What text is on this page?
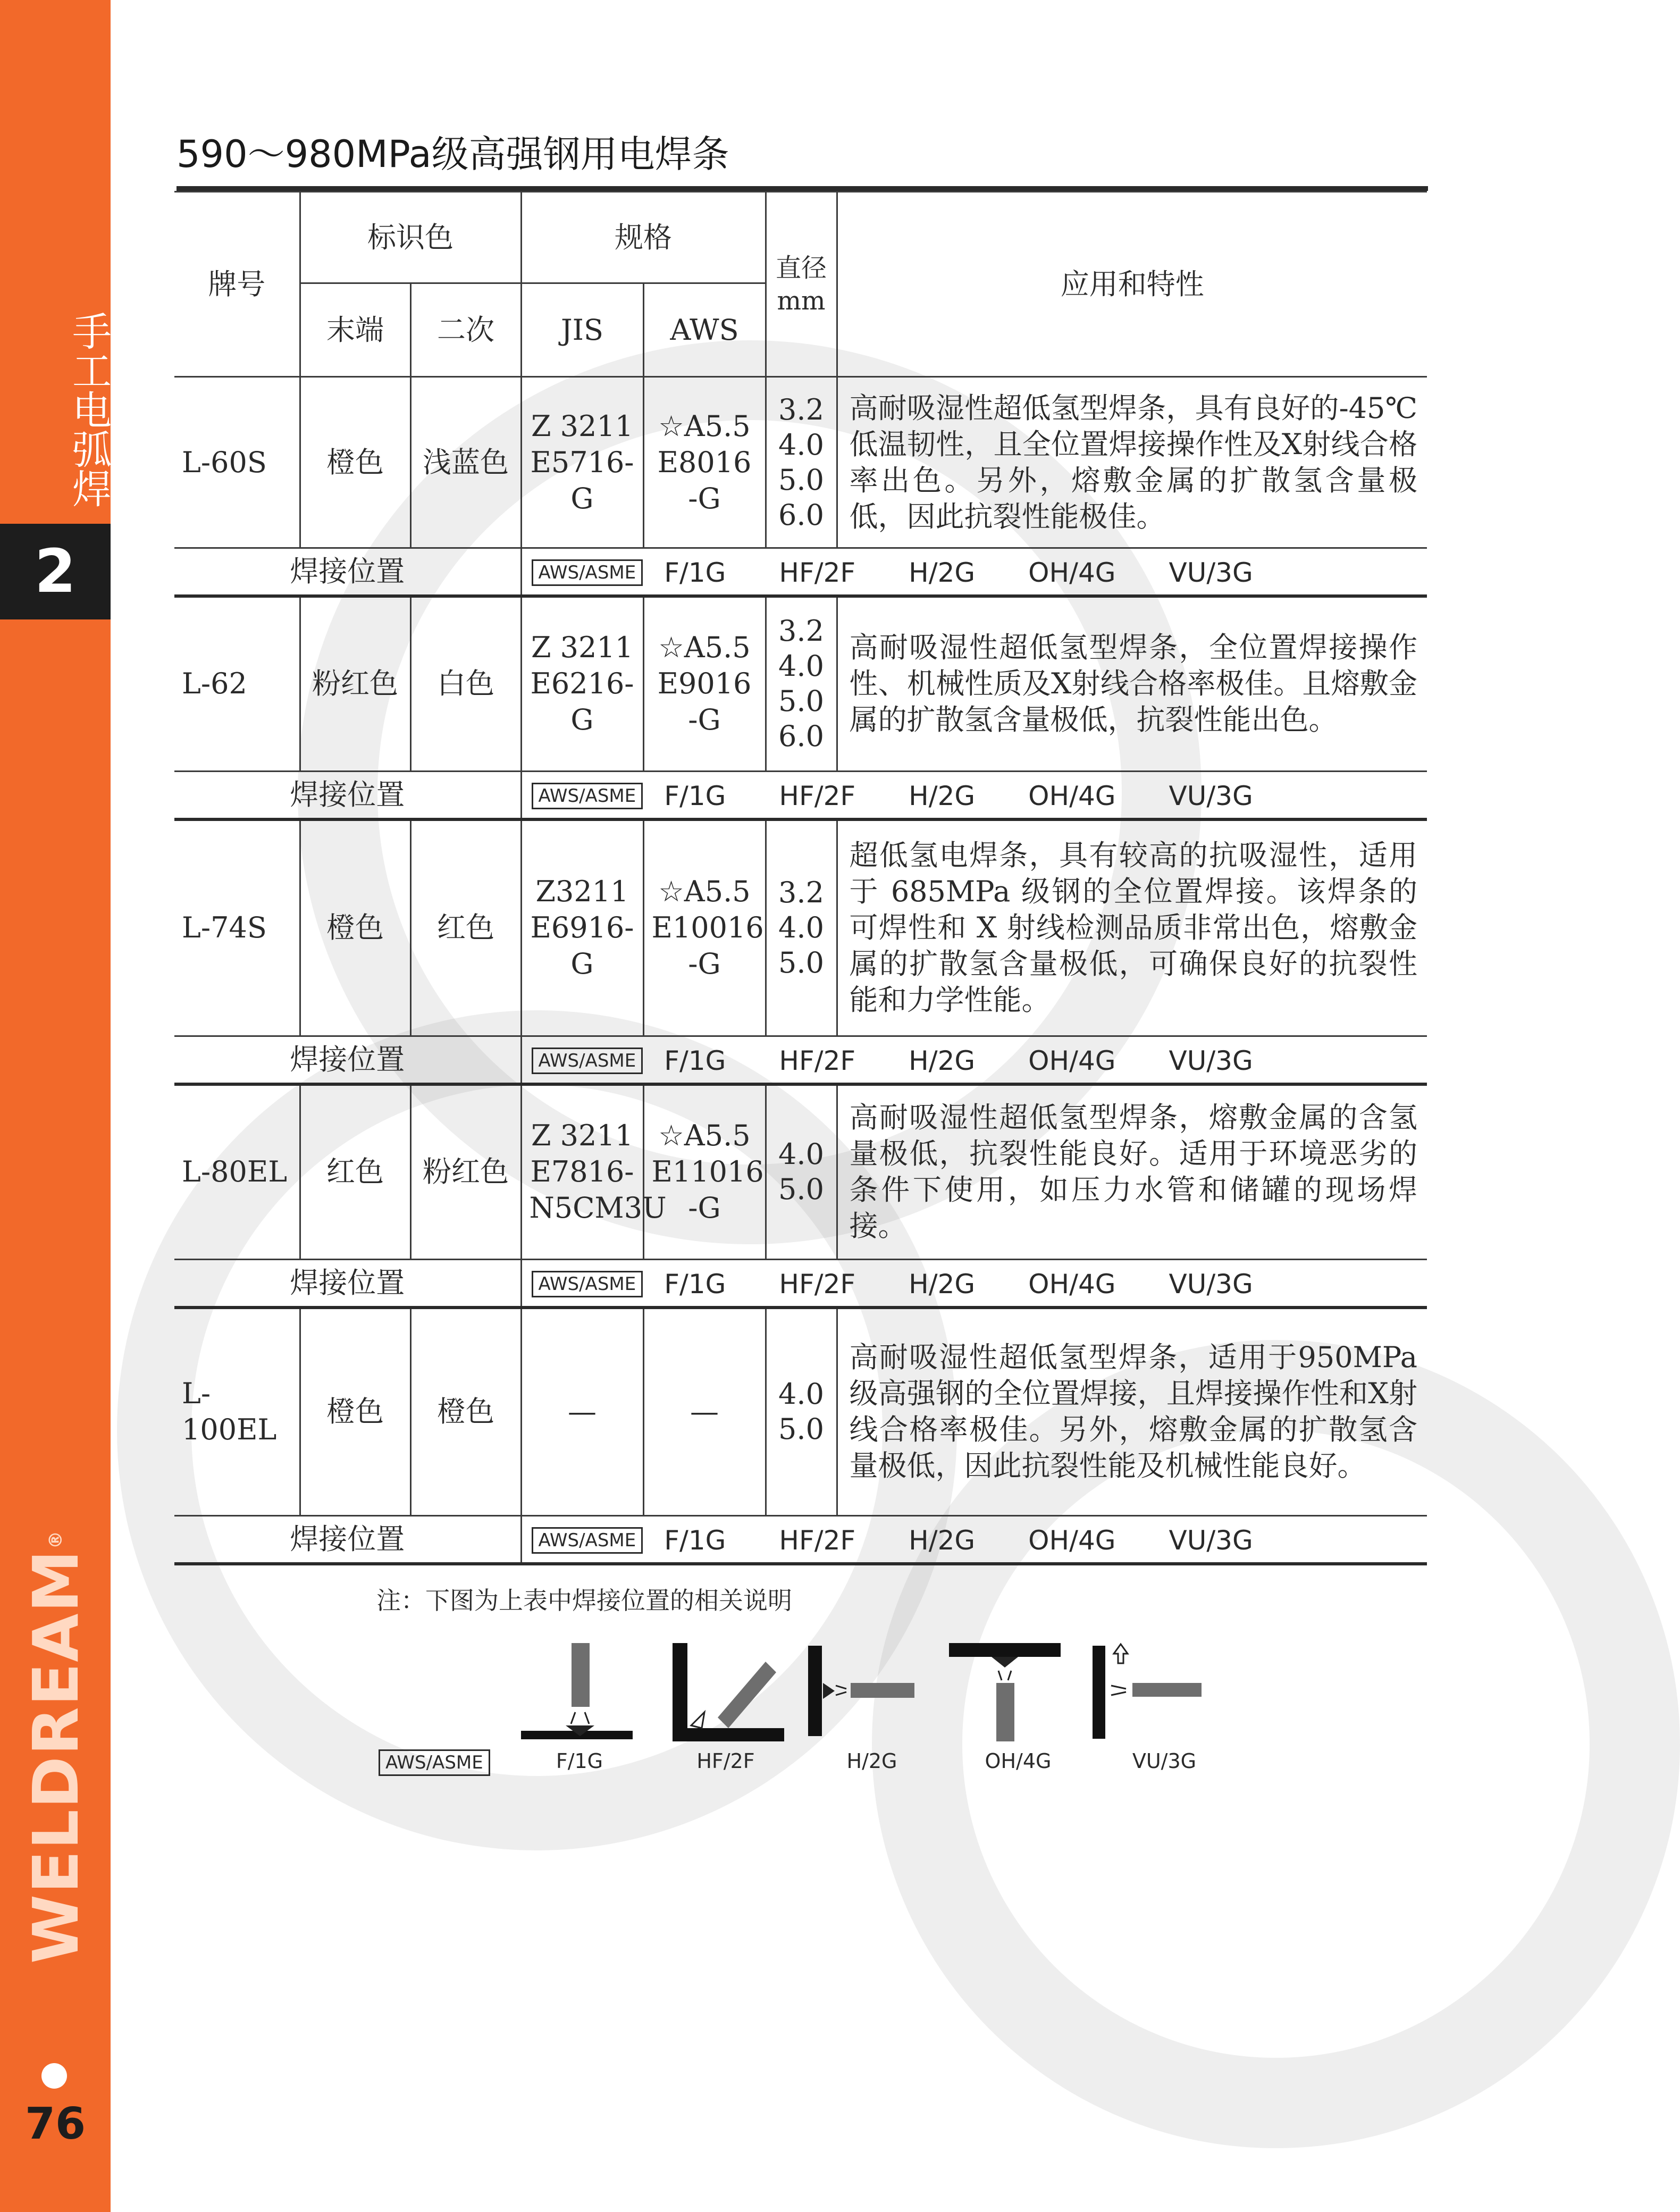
手工电弧焊
2
WELDREAM®
76
590～980MPa级高强钢用电焊条
牌号	标识色		规格		直径mm	应用和特性
	末端	二次	JIS	AWS		
L-60S	橙色	浅蓝色	Z 3211 E5716-G	☆A5.5 E8016 -G	3.2
4.0
5.0
6.0	高耐吸湿性超低氢型焊条，具有良好的-45℃低温韧性，且全位置焊接操作性及X射线合格率出色。另外，熔敷金属的扩散氢含量极低，因此抗裂性能极佳。
焊接位置			AWS/ASME F/1G HF/2F H/2G OH/4G VU/3G			
L-62	粉红色	白色	Z 3211 E6216-G	☆A5.5 E9016 -G	3.2
4.0
5.0
6.0	高耐吸湿性超低氢型焊条，全位置焊接操作性、机械性质及X射线合格率极佳。且熔敷金属的扩散氢含量极低，抗裂性能出色。
焊接位置			AWS/ASME F/1G HF/2F H/2G OH/4G VU/3G			
L-74S	橙色	红色	Z3211 E6916-G	☆A5.5 E10016 -G	3.2
4.0
5.0	超低氢电焊条，具有较高的抗吸湿性，适用于 685MPa 级钢的全位置焊接。该焊条的可焊性和 X 射线检测品质非常出色，熔敷金属的扩散氢含量极低，可确保良好的抗裂性能和力学性能。
焊接位置			AWS/ASME F/1G HF/2F H/2G OH/4G VU/3G			
L-80EL	红色	粉红色	Z 3211 E7816- N5CM3U	☆A5.5 E11016 -G	4.0
5.0	高耐吸湿性超低氢型焊条，熔敷金属的含氢量极低，抗裂性能良好。适用于环境恶劣的条件下使用，如压力水管和储罐的现场焊接。
焊接位置			AWS/ASME F/1G HF/2F H/2G OH/4G VU/3G			
L-100EL	橙色	橙色	—	—	4.0
5.0	高耐吸湿性超低氢型焊条，适用于950MPa级高强钢的全位置焊接，且焊接操作性和X射线合格率极佳。另外，熔敷金属的扩散氢含量极低，因此抗裂性能及机械性能良好。
焊接位置			AWS/ASME F/1G HF/2F H/2G OH/4G VU/3G			
注：下图为上表中焊接位置的相关说明
AWS/ASME	F/1G	HF/2F	H/2G	OH/4G	VU/3G
